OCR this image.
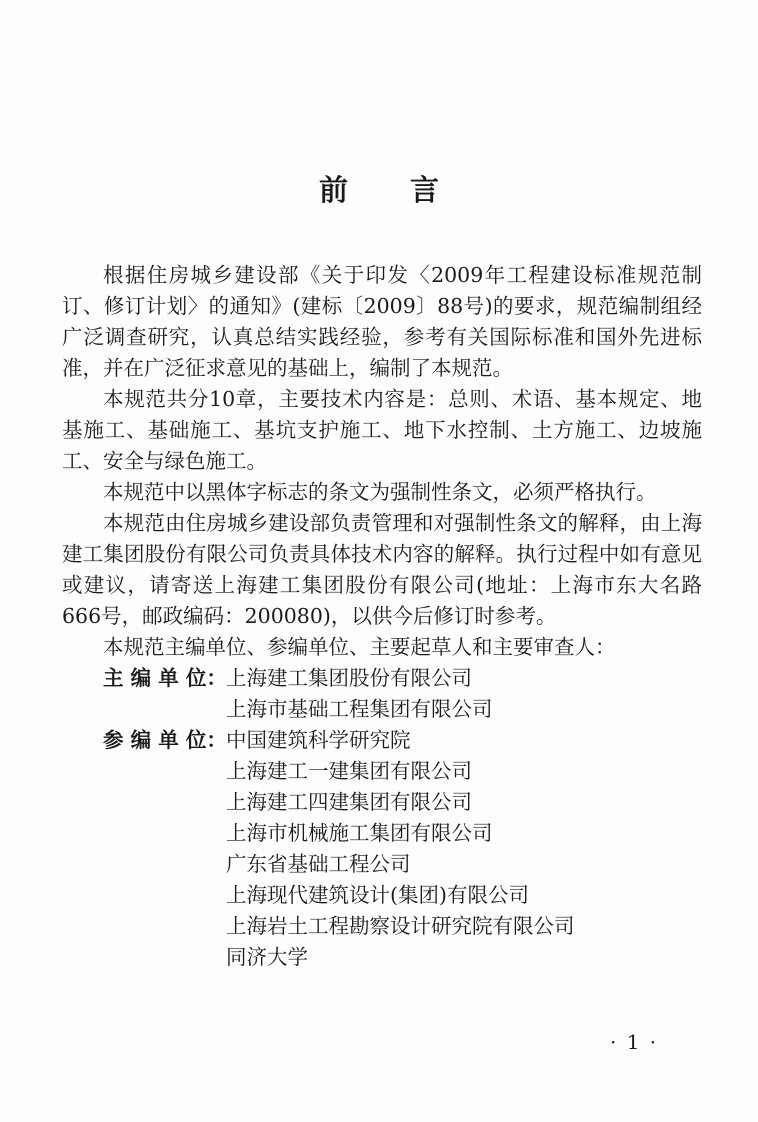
前 言

根据住房城乡建设部《关于印发〈2009年工程建设标准规范制订、修订计划〉的通知》(建标〔2009〕88号)的要求，规范编制组经广泛调查研究，认真总结实践经验，参考有关国际标准和国外先进标准，并在广泛征求意见的基础上，编制了本规范。

本规范共分10章，主要技术内容是：总则、术语、基本规定、地基施工、基础施工、基坑支护施工、地下水控制、土方施工、边坡施工、安全与绿色施工。

本规范中以黑体字标志的条文为强制性条文，必须严格执行。

本规范由住房城乡建设部负责管理和对强制性条文的解释，由上海建工集团股份有限公司负责具体技术内容的解释。执行过程中如有意见或建议，请寄送上海建工集团股份有限公司(地址：上海市东大名路666号，邮政编码：200080)，以供今后修订时参考。

本规范主编单位、参编单位、主要起草人和主要审查人：

主 编 单 位： 上海建工集团股份有限公司
上海市基础工程集团有限公司
参 编 单 位： 中国建筑科学研究院
上海建工一建集团有限公司
上海建工四建集团有限公司
上海市机械施工集团有限公司
广东省基础工程公司
上海现代建筑设计(集团)有限公司
上海岩土工程勘察设计研究院有限公司
同济大学
· 1 ·
